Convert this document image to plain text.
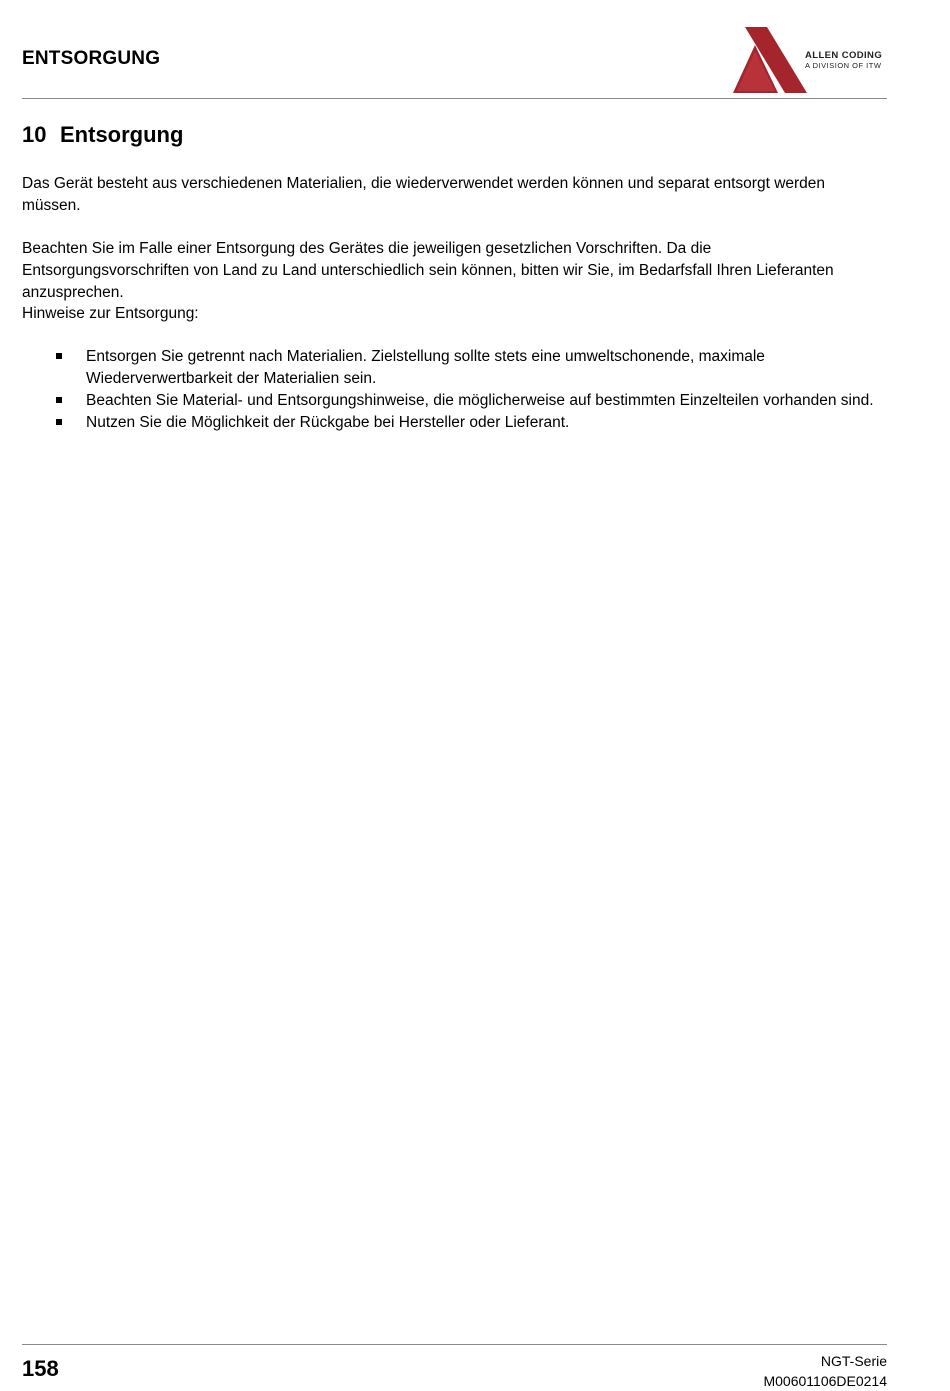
ENTSORGUNG	ALLEN CODING
A DIVISION OF ITW
10 Entsorgung

Das Gerät besteht aus verschiedenen Materialien, die wiederverwendet werden können und separat entsorgt werden müssen.

Beachten Sie im Falle einer Entsorgung des Gerätes die jeweiligen gesetzlichen Vorschriften. Da die Entsorgungsvorschriften von Land zu Land unterschiedlich sein können, bitten wir Sie, im Bedarfsfall Ihren Lieferanten anzusprechen.

Hinweise zur Entsorgung:

Entsorgen Sie getrennt nach Materialien. Zielstellung sollte stets eine umweltschonende, maximale Wiederverwertbarkeit der Materialien sein.
Beachten Sie Material- und Entsorgungshinweise, die möglicherweise auf bestimmten Einzelteilen vorhanden sind.
Nutzen Sie die Möglichkeit der Rückgabe bei Hersteller oder Lieferant.
158	NGT-Serie
M00601106DE0214
